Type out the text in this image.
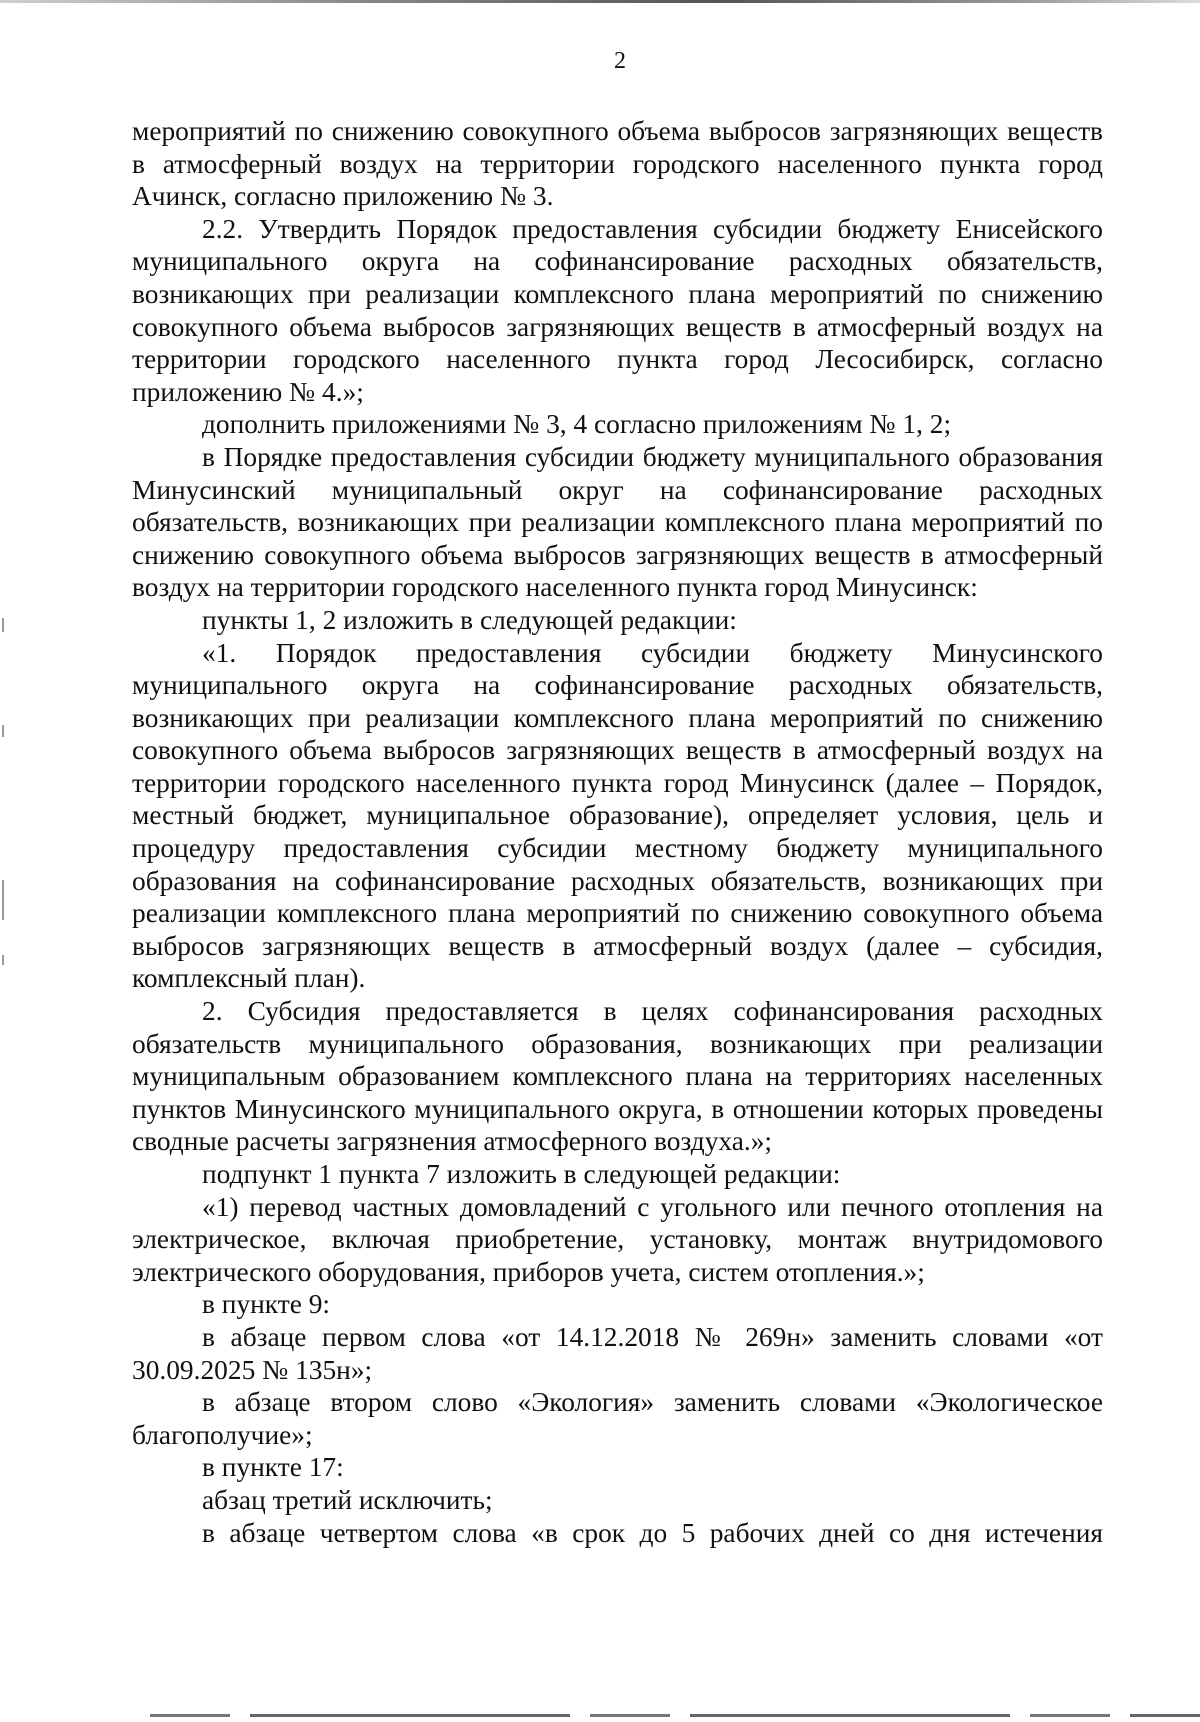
2

мероприятий по снижению совокупного объема выбросов загрязняющих веществ в атмосферный воздух на территории городского населенного пункта город Ачинск, согласно приложению № 3.

2.2. Утвердить Порядок предоставления субсидии бюджету Енисейского муниципального округа на софинансирование расходных обязательств, возникающих при реализации комплексного плана мероприятий по снижению совокупного объема выбросов загрязняющих веществ в атмосферный воздух на территории городского населенного пункта город Лесосибирск, согласно приложению № 4.»;

дополнить приложениями № 3, 4 согласно приложениям № 1, 2;

в Порядке предоставления субсидии бюджету муниципального образования Минусинский муниципальный округ на софинансирование расходных обязательств, возникающих при реализации комплексного плана мероприятий по снижению совокупного объема выбросов загрязняющих веществ в атмосферный воздух на территории городского населенного пункта город Минусинск:

пункты 1, 2 изложить в следующей редакции:

«1. Порядок предоставления субсидии бюджету Минусинского муниципального округа на софинансирование расходных обязательств, возникающих при реализации комплексного плана мероприятий по снижению совокупного объема выбросов загрязняющих веществ в атмосферный воздух на территории городского населенного пункта город Минусинск (далее – Порядок, местный бюджет, муниципальное образование), определяет условия, цель и процедуру предоставления субсидии местному бюджету муниципального образования на софинансирование расходных обязательств, возникающих при реализации комплексного плана мероприятий по снижению совокупного объема выбросов загрязняющих веществ в атмосферный воздух (далее – субсидия, комплексный план).

2. Субсидия предоставляется в целях софинансирования расходных обязательств муниципального образования, возникающих при реализации муниципальным образованием комплексного плана на территориях населенных пунктов Минусинского муниципального округа, в отношении которых проведены сводные расчеты загрязнения атмосферного воздуха.»;

подпункт 1 пункта 7 изложить в следующей редакции:

«1) перевод частных домовладений с угольного или печного отопления на электрическое, включая приобретение, установку, монтаж внутридомового электрического оборудования, приборов учета, систем отопления.»;

в пункте 9:

в абзаце первом слова «от 14.12.2018 № 269н» заменить словами «от 30.09.2025 № 135н»;

в абзаце втором слово «Экология» заменить словами «Экологическое благополучие»;

в пункте 17:

абзац третий исключить;

в абзаце четвертом слова «в срок до 5 рабочих дней со дня истечения
